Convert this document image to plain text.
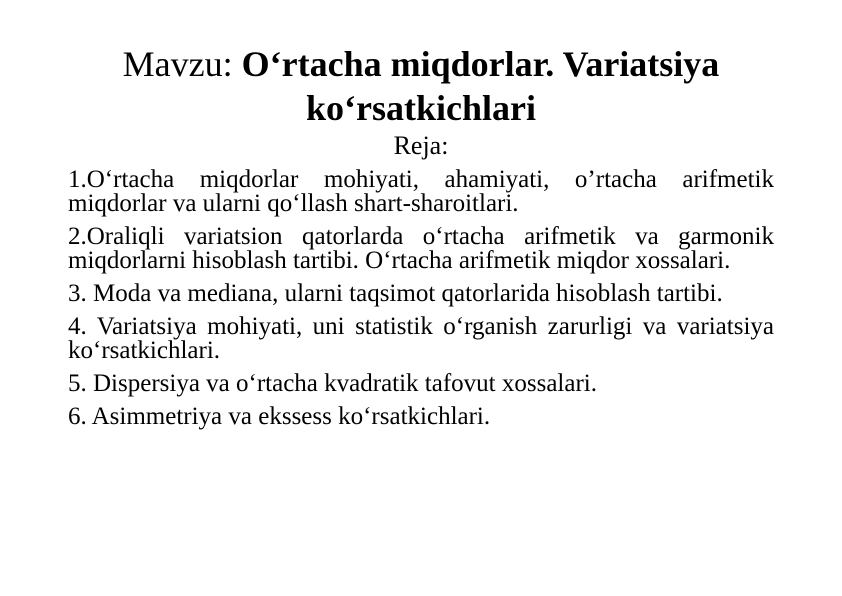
Mavzu: O‘rtacha miqdorlar. Variatsiya ko‘rsatkichlari
Reja:
1.O‘rtacha miqdorlar mohiyati, ahamiyati, o’rtacha arifmetik miqdorlar va ularni qo‘llash shart-sharoitlari.
2.Oraliqli variatsion qatorlarda o‘rtacha arifmetik va garmonik miqdorlarni hisoblash tartibi. O‘rtacha arifmetik miqdor xossalari.
3. Moda va mediana, ularni taqsimot qatorlarida hisoblash tartibi.
4. Variatsiya mohiyati, uni statistik o‘rganish zarurligi va variatsiya ko‘rsatkichlari.
5. Dispersiya va o‘rtacha kvadratik tafovut xossalari.
6. Asimmetriya va ekssess ko‘rsatkichlari.
